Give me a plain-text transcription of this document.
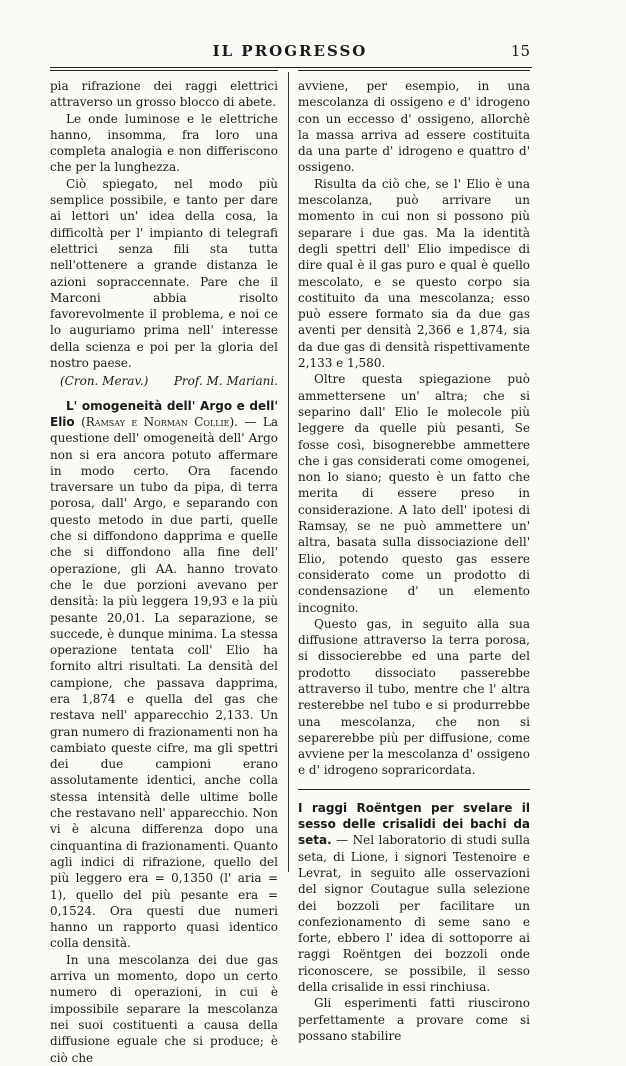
IL PROGRESSO	15

pia rifrazione dei raggi elettrici attraverso un grosso blocco di abete.

Le onde luminose e le elettriche hanno, insomma, fra loro una completa analogia e non differiscono che per la lunghezza.

Ciò spiegato, nel modo più semplice possibile, e tanto per dare ai lettori un' idea della cosa, la difficoltà per l' impianto di telegrafi elettrici senza fili sta tutta nell'ottenere a grande distanza le azioni sopraccennate. Pare che il Marconi abbia risolto favorevolmente il problema, e noi ce lo auguriamo prima nell' interesse della scienza e poi per la gloria del nostro paese.

(Cron. Merav.) Prof. M. Mariani.

L' omogeneità dell' Argo e dell' Elio (Ramsay e Norman Collie). — La questione dell' omogeneità dell' Argo non si era ancora potuto affermare in modo certo. Ora facendo traversare un tubo da pipa, di terra porosa, dall' Argo, e separando con questo metodo in due parti, quelle che si diffondono dapprima e quelle che si diffondono alla fine dell' operazione, gli AA. hanno trovato che le due porzioni avevano per densità: la più leggera 19,93 e la più pesante 20,01. La separazione, se succede, è dunque minima. La stessa operazione tentata coll' Elio ha fornito altri risultati. La densità del campione, che passava dapprima, era 1,874 e quella del gas che restava nell' apparecchio 2,133. Un gran numero di frazionamenti non ha cambiato queste cifre, ma gli spettri dei due campioni erano assolutamente identici, anche colla stessa intensità delle ultime bolle che restavano nell' apparecchio. Non vi è alcuna differenza dopo una cinquantina di frazionamenti. Quanto agli indici di rifrazione, quello del più leggero era = 0,1350 (l' aria = 1), quello del più pesante era = 0,1524. Ora questi due numeri hanno un rapporto quasi identico colla densità.

In una mescolanza dei due gas arriva un momento, dopo un certo numero di operazioni, in cui è impossibile separare la mescolanza nei suoi costituenti a causa della diffusione eguale che si produce; è ciò che

avviene, per esempio, in una mescolanza di ossigeno e d' idrogeno con un eccesso d' ossigeno, allorchè la massa arriva ad essere costituita da una parte d' idrogeno e quattro d' ossigeno.

Risulta da ciò che, se l' Elio è una mescolanza, può arrivare un momento in cui non si possono più separare i due gas. Ma la identità degli spettri dell' Elio impedisce di dire qual è il gas puro e qual è quello mescolato, e se questo corpo sia costituito da una mescolanza; esso può essere formato sia da due gas aventi per densità 2,366 e 1,874, sia da due gas di densità rispettivamente 2,133 e 1,580.

Oltre questa spiegazione può ammettersene un' altra; che si separino dall' Elio le molecole più leggere da quelle più pesanti, Se fosse così, bisognerebbe ammettere che i gas considerati come omogenei, non lo siano; questo è un fatto che merita di essere preso in considerazione. A lato dell' ipotesi di Ramsay, se ne può ammettere un' altra, basata sulla dissociazione dell' Elio, potendo questo gas essere considerato come un prodotto di condensazione d' un elemento incognito.

Questo gas, in seguito alla sua diffusione attraverso la terra porosa, si dissocierebbe ed una parte del prodotto dissociato passerebbe attraverso il tubo, mentre che l' altra resterebbe nel tubo e si produrrebbe una mescolanza, che non si separerebbe più per diffusione, come avviene per la mescolanza d' ossigeno e d' idrogeno sopraricordata.

I raggi Roëntgen per svelare il sesso delle crisalidi dei bachi da seta. — Nel laboratorio di studi sulla seta, di Lione, i signori Testenoire e Levrat, in seguito alle osservazioni del signor Coutague sulla selezione dei bozzoli per facilitare un confezionamento di seme sano e forte, ebbero l' idea di sottoporre ai raggi Roëntgen dei bozzoli onde riconoscere, se possibile, il sesso della crisalide in essi rinchiusa.

Gli esperimenti fatti riuscirono perfettamente a provare come si possano stabilire
